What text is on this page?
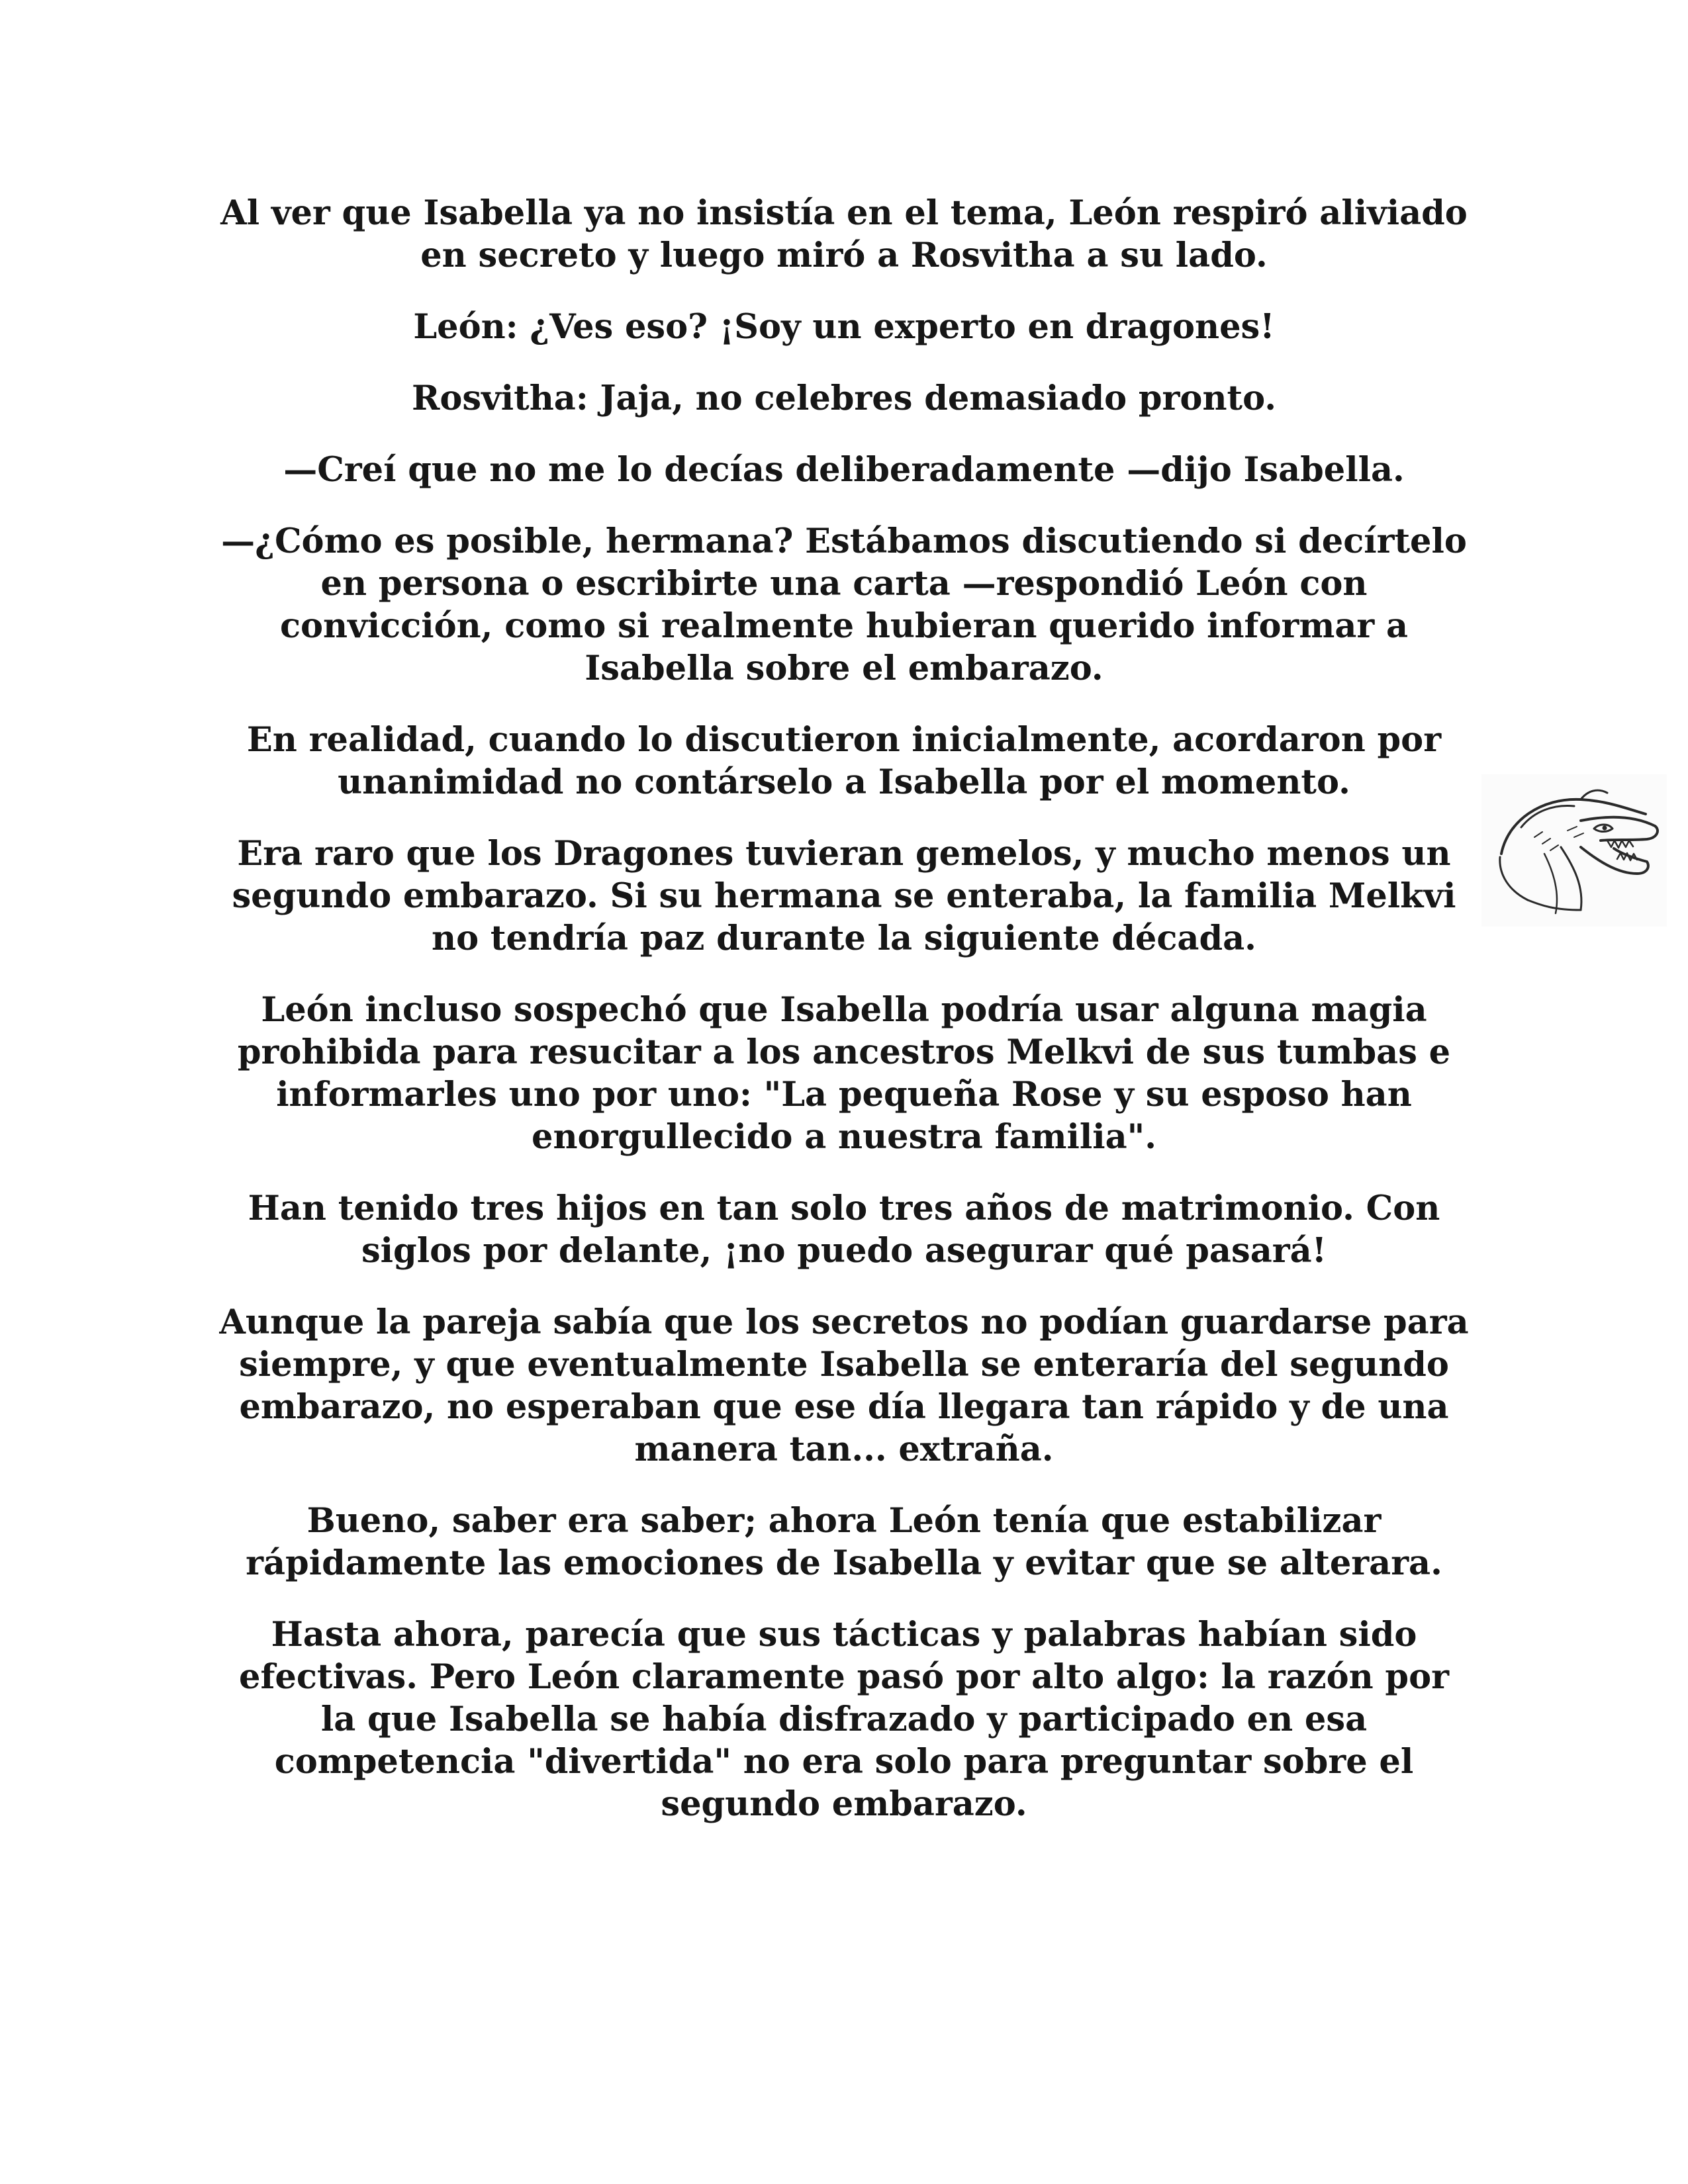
Al ver que Isabella ya no insistía en el tema, León respiró aliviado en secreto y luego miró a Rosvitha a su lado.

León: ¿Ves eso? ¡Soy un experto en dragones!

Rosvitha: Jaja, no celebres demasiado pronto.

—Creí que no me lo decías deliberadamente —dijo Isabella.

—¿Cómo es posible, hermana? Estábamos discutiendo si decírtelo en persona o escribirte una carta —respondió León con convicción, como si realmente hubieran querido informar a Isabella sobre el embarazo.

En realidad, cuando lo discutieron inicialmente, acordaron por unanimidad no contárselo a Isabella por el momento.

Era raro que los Dragones tuvieran gemelos, y mucho menos un segundo embarazo. Si su hermana se enteraba, la familia Melkvi no tendría paz durante la siguiente década.

León incluso sospechó que Isabella podría usar alguna magia prohibida para resucitar a los ancestros Melkvi de sus tumbas e informarles uno por uno: "La pequeña Rose y su esposo han enorgullecido a nuestra familia".

Han tenido tres hijos en tan solo tres años de matrimonio. Con siglos por delante, ¡no puedo asegurar qué pasará!

Aunque la pareja sabía que los secretos no podían guardarse para siempre, y que eventualmente Isabella se enteraría del segundo embarazo, no esperaban que ese día llegara tan rápido y de una manera tan... extraña.

Bueno, saber era saber; ahora León tenía que estabilizar rápidamente las emociones de Isabella y evitar que se alterara.

Hasta ahora, parecía que sus tácticas y palabras habían sido efectivas. Pero León claramente pasó por alto algo: la razón por la que Isabella se había disfrazado y participado en esa competencia "divertida" no era solo para preguntar sobre el segundo embarazo.
